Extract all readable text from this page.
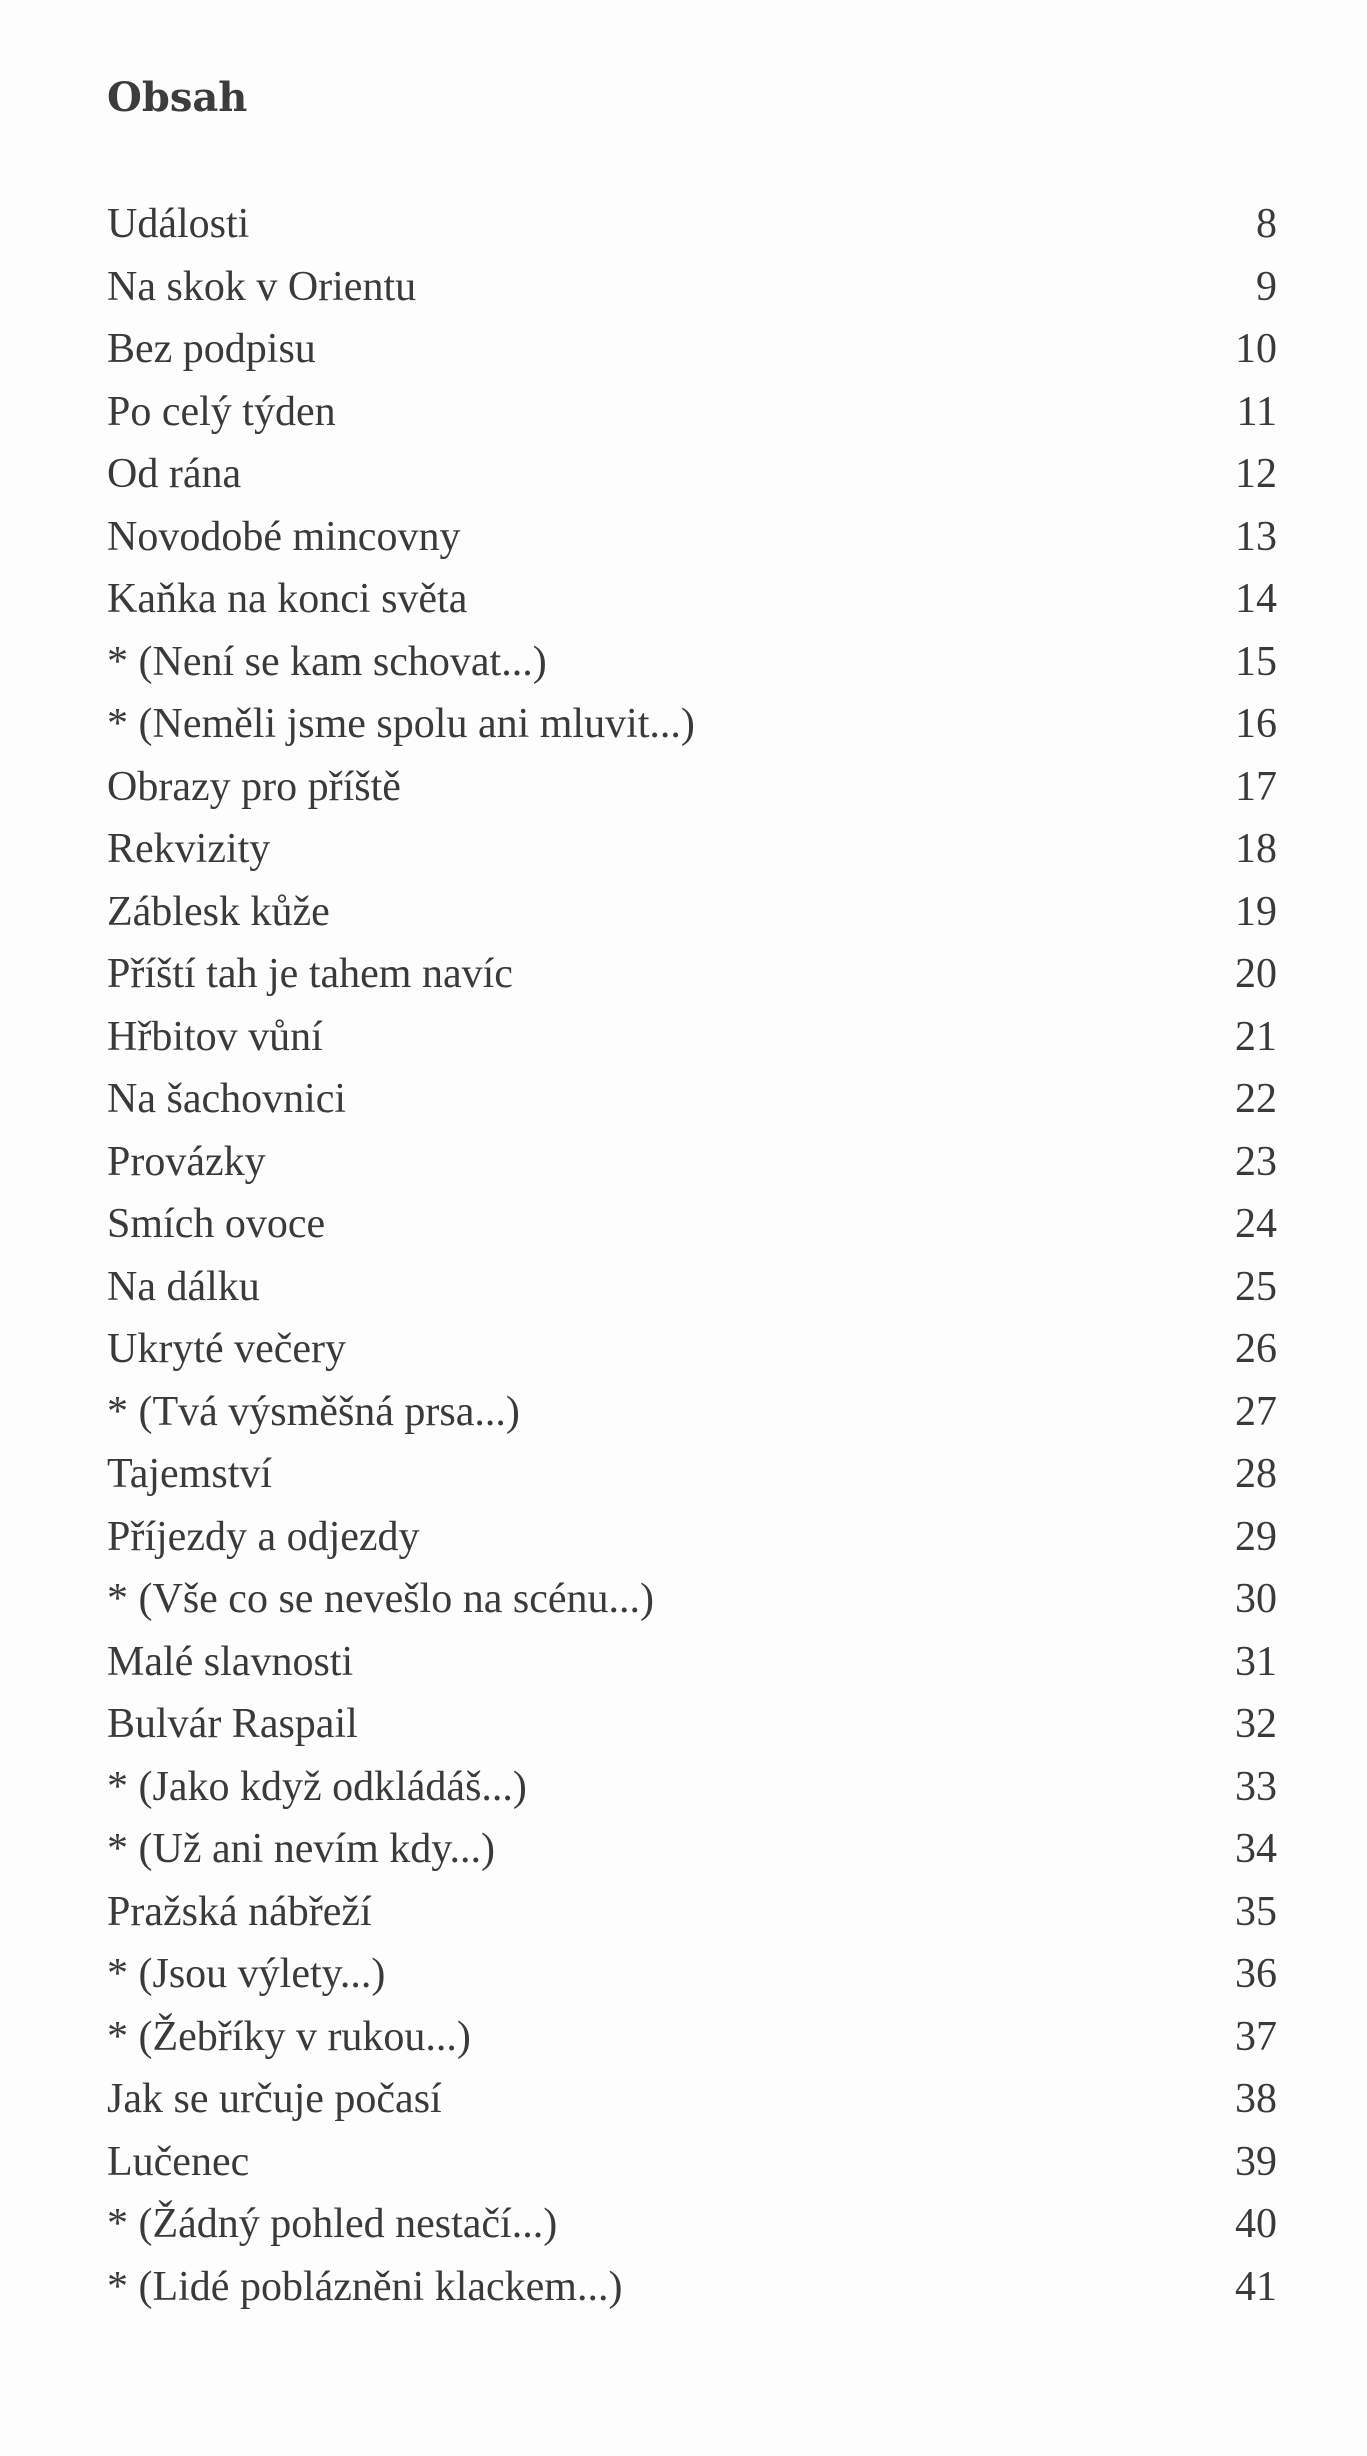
Obsah
Události	8
Na skok v Orientu	9
Bez podpisu	10
Po celý týden	11
Od rána	12
Novodobé mincovny	13
Kaňka na konci světa	14
* (Není se kam schovat...)	15
* (Neměli jsme spolu ani mluvit...)	16
Obrazy pro příště	17
Rekvizity	18
Záblesk kůže	19
Příští tah je tahem navíc	20
Hřbitov vůní	21
Na šachovnici	22
Provázky	23
Smích ovoce	24
Na dálku	25
Ukryté večery	26
* (Tvá výsměšná prsa...)	27
Tajemství	28
Příjezdy a odjezdy	29
* (Vše co se nevešlo na scénu...)	30
Malé slavnosti	31
Bulvár Raspail	32
* (Jako když odkládáš...)	33
* (Už ani nevím kdy...)	34
Pražská nábřeží	35
* (Jsou výlety...)	36
* (Žebříky v rukou...)	37
Jak se určuje počasí	38
Lučenec	39
* (Žádný pohled nestačí...)	40
* (Lidé poblázněni klackem...)	41
